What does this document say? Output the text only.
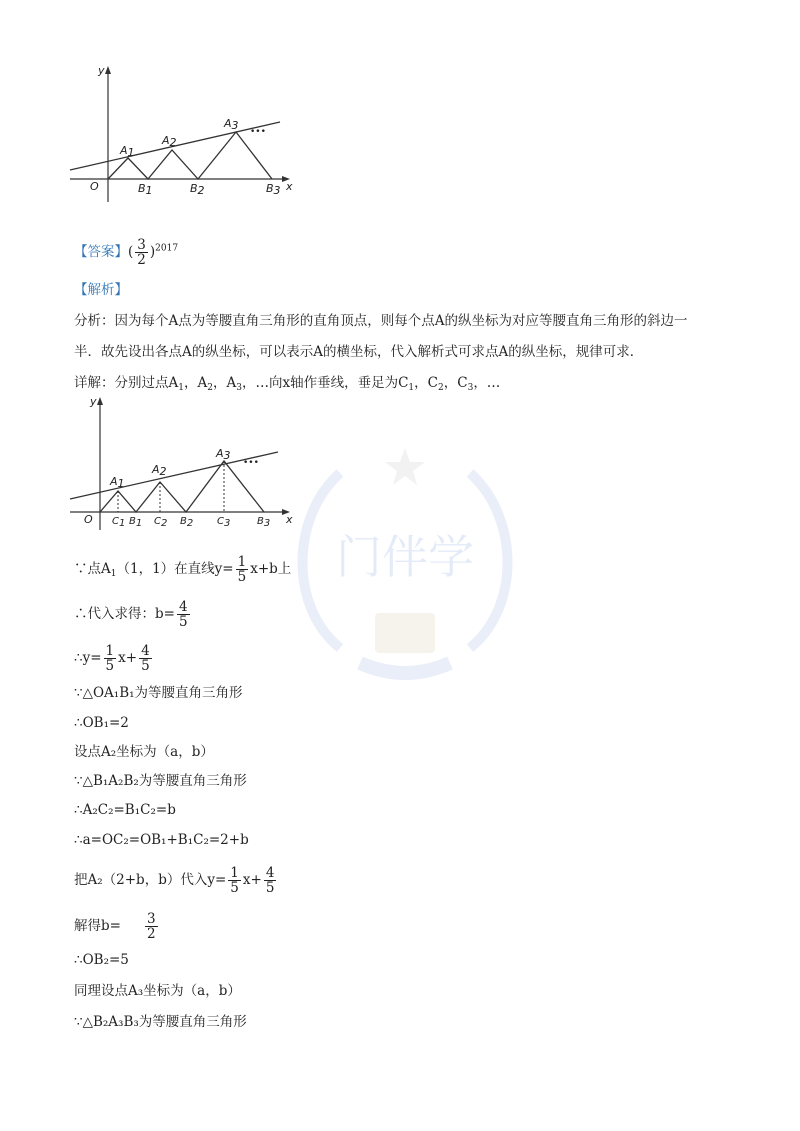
门伴学
y
x
O
A1
A2
A3
B1	B2	B3
•••
【答案】( $\frac{3}{2} )^{2017}$
【解析】
分析：因为每个A点为等腰直角三角形的直角顶点，则每个点A的纵坐标为对应等腰直角三角形的斜边一
半．故先设出各点A的纵坐标，可以表示A的横坐标，代入解析式可求点A的纵坐标，规律可求．
详解：分别过点$A_1$，$A_2$，$A_3$，…向x轴作垂线，垂足为$C_1$，$C_2$，$C_3$，…
y
x
O
A1
A2
A3
C1 B1 C2 B2 C3	B3
•••
∵点$A_1(1$，1）在直线$y= \frac{1}{5} x+b$上
∴代入求得：$b= \frac{4}{5}$
∴y= $\frac{1}{5} x+ \frac{4}{5}$
∵△OA₁B₁为等腰直角三角形
∴OB₁=2
设点A₂坐标为（a，b）
∵△B₁A₂B₂为等腰直角三角形
∴A₂C₂=B₁C₂=b
∴a=OC₂=OB₁+B₁C₂=2+b
把A₂（2+b，b）代入$y= \frac{1}{5} x+ \frac{4}{5}$
解得$b= \frac{3}{2}$
∴OB₂=5
同理设点A₃坐标为（a，b）
∵△B₂A₃B₃为等腰直角三角形
